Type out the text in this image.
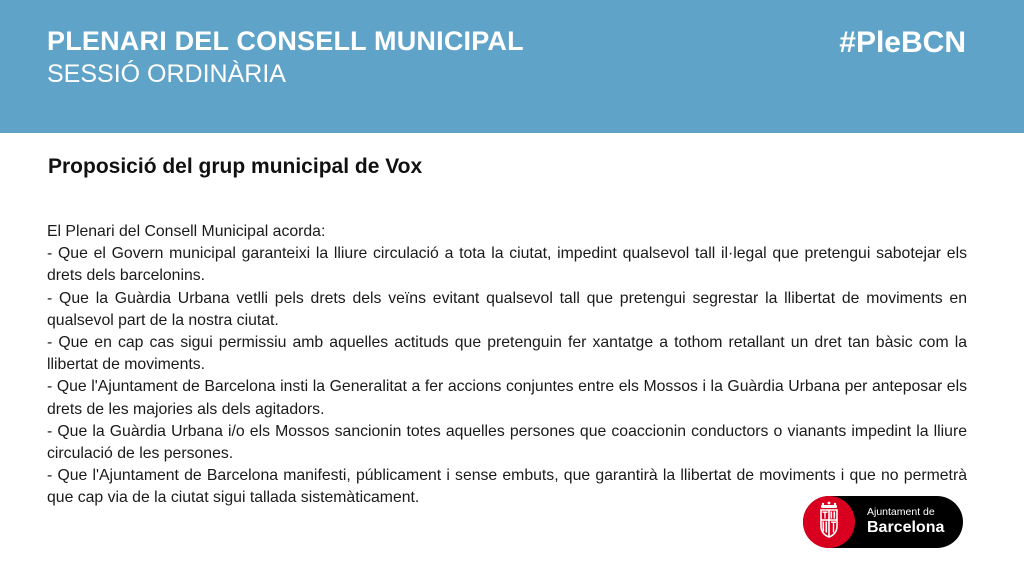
PLENARI DEL CONSELL MUNICIPAL
SESSIÓ ORDINÀRIA
#PleBCN
Proposició del grup municipal de Vox

El Plenari del Consell Municipal acorda:

- Que el Govern municipal garanteixi la lliure circulació a tota la ciutat, impedint qualsevol tall il·legal que pretengui sabotejar els drets dels barcelonins.

- Que la Guàrdia Urbana vetlli pels drets dels veïns evitant qualsevol tall que pretengui segrestar la llibertat de moviments en qualsevol part de la nostra ciutat.

- Que en cap cas sigui permissiu amb aquelles actituds que pretenguin fer xantatge a tothom retallant un dret tan bàsic com la llibertat de moviments.

- Que l'Ajuntament de Barcelona insti la Generalitat a fer accions conjuntes entre els Mossos i la Guàrdia Urbana per anteposar els drets de les majories als dels agitadors.

- Que la Guàrdia Urbana i/o els Mossos sancionin totes aquelles persones que coaccionin conductors o vianants impedint la lliure circulació de les persones.

- Que l'Ajuntament de Barcelona manifesti, públicament i sense embuts, que garantirà la llibertat de moviments i que no permetrà que cap via de la ciutat sigui tallada sistemàticament.

Ajuntament de
Barcelona
